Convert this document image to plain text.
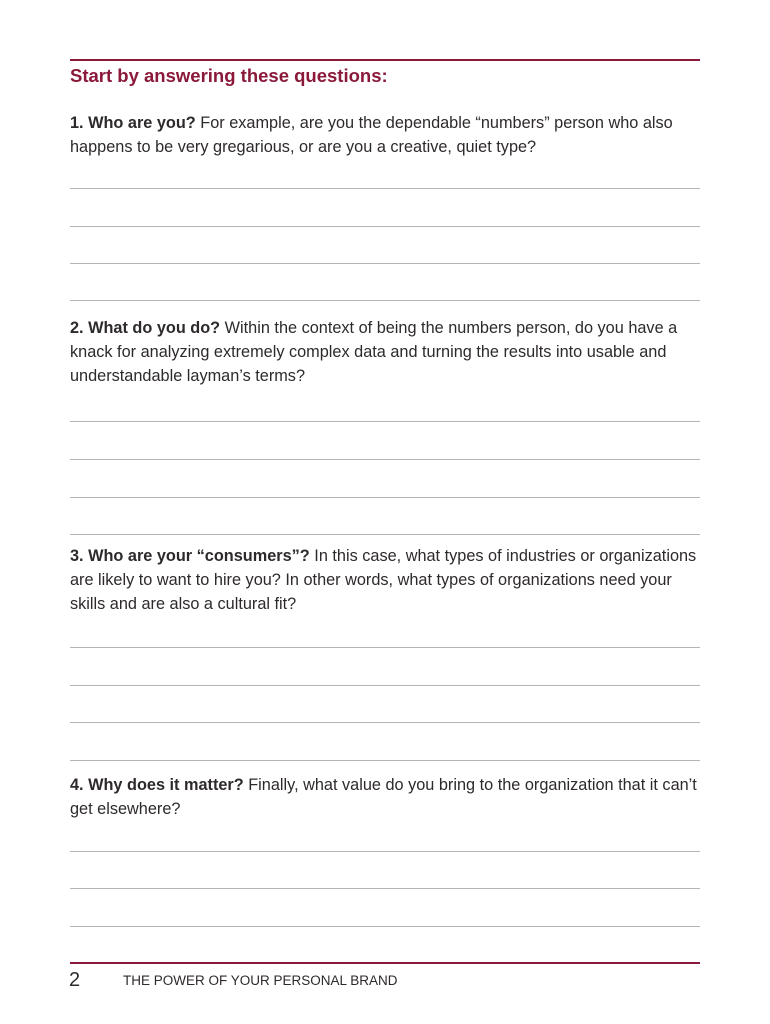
Start by answering these questions:
1. Who are you? For example, are you the dependable “numbers” person who also happens to be very gregarious, or are you a creative, quiet type?
2. What do you do? Within the context of being the numbers person, do you have a knack for analyzing extremely complex data and turning the results into usable and understandable layman’s terms?
3. Who are your “consumers”? In this case, what types of industries or organizations are likely to want to hire you? In other words, what types of organizations need your skills and are also a cultural fit?
4. Why does it matter? Finally, what value do you bring to the organization that it can’t get elsewhere?
2	THE POWER OF YOUR PERSONAL BRAND
